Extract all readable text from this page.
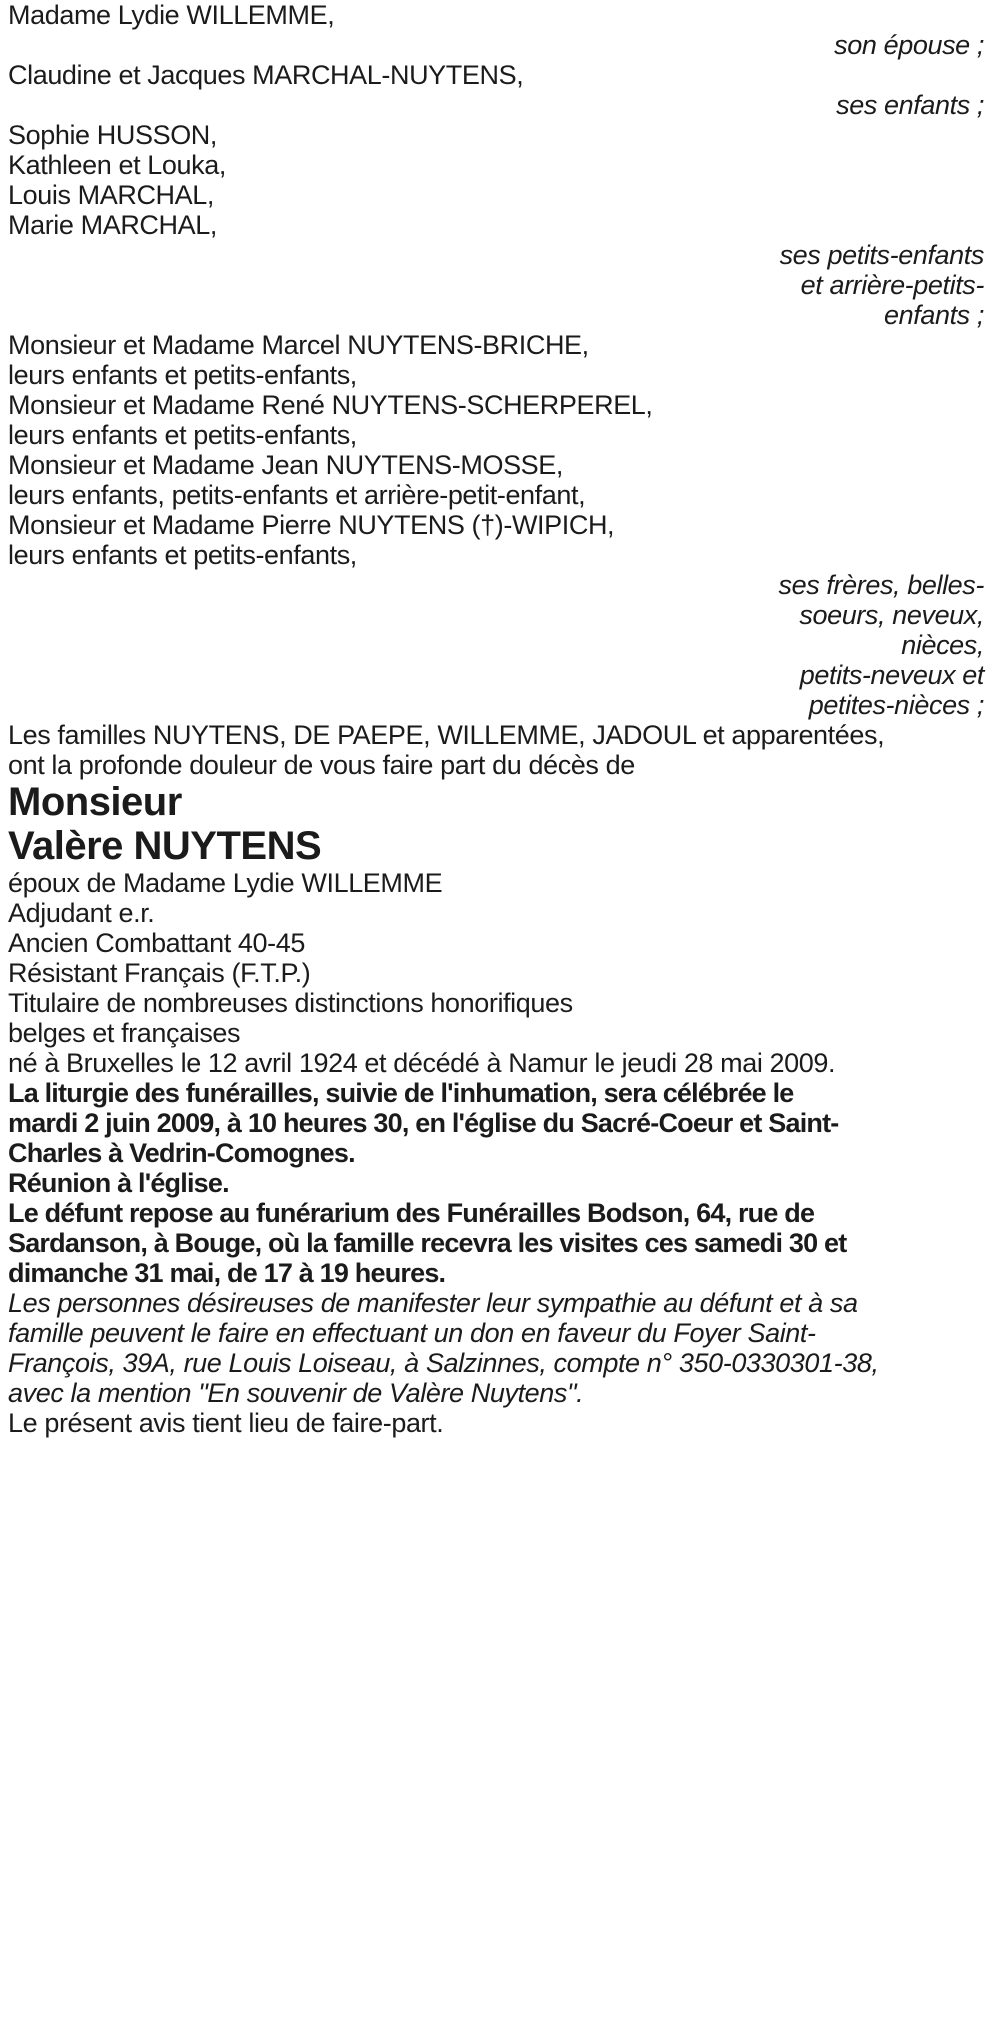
Madame Lydie WILLEMME,

son épouse ;

Claudine et Jacques MARCHAL-NUYTENS,

ses enfants ;

Sophie HUSSON,

Kathleen et Louka,

Louis MARCHAL,

Marie MARCHAL,

ses petits-enfants

et arrière-petits-

enfants ;

Monsieur et Madame Marcel NUYTENS-BRICHE,

leurs enfants et petits-enfants,

Monsieur et Madame René NUYTENS-SCHERPEREL,

leurs enfants et petits-enfants,

Monsieur et Madame Jean NUYTENS-MOSSE,

leurs enfants, petits-enfants et arrière-petit-enfant,

Monsieur et Madame Pierre NUYTENS (†)-WIPICH,

leurs enfants et petits-enfants,

ses frères, belles-

soeurs, neveux,

nièces,

petits-neveux et

petites-nièces ;

Les familles NUYTENS, DE PAEPE, WILLEMME, JADOUL et apparentées,

ont la profonde douleur de vous faire part du décès de

Monsieur

Valère NUYTENS

époux de Madame Lydie WILLEMME

Adjudant e.r.

Ancien Combattant 40-45

Résistant Français (F.T.P.)

Titulaire de nombreuses distinctions honorifiques

belges et françaises

né à Bruxelles le 12 avril 1924 et décédé à Namur le jeudi 28 mai 2009.

La liturgie des funérailles, suivie de l'inhumation, sera célébrée le

mardi 2 juin 2009, à 10 heures 30, en l'église du Sacré-Coeur et Saint-

Charles à Vedrin-Comognes.

Réunion à l'église.

Le défunt repose au funérarium des Funérailles Bodson, 64, rue de

Sardanson, à Bouge, où la famille recevra les visites ces samedi 30 et

dimanche 31 mai, de 17 à 19 heures.

Les personnes désireuses de manifester leur sympathie au défunt et à sa

famille peuvent le faire en effectuant un don en faveur du Foyer Saint-

François, 39A, rue Louis Loiseau, à Salzinnes, compte n° 350-0330301-38,

avec la mention "En souvenir de Valère Nuytens".

Le présent avis tient lieu de faire-part.
